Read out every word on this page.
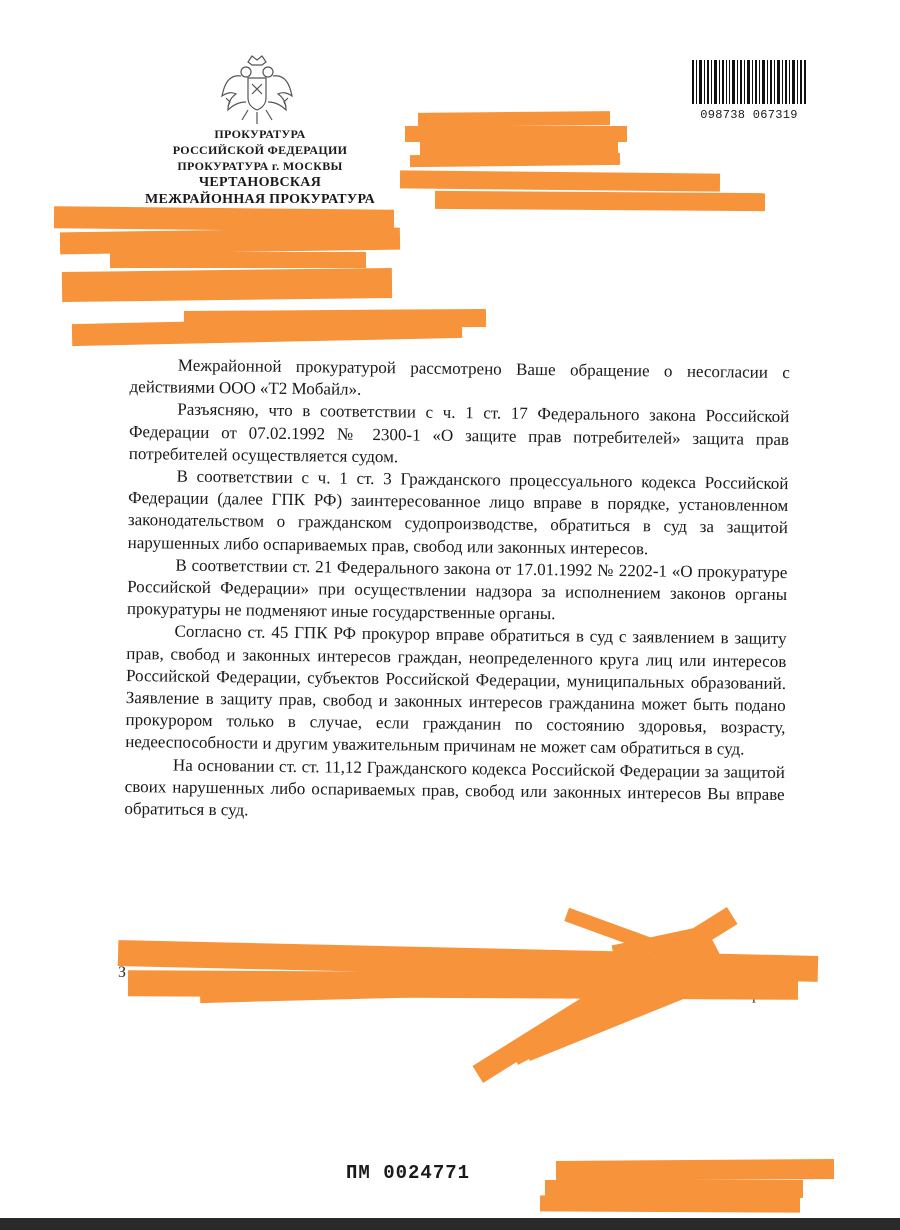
ПРОКУРАТУРА
РОССИЙСКОЙ ФЕДЕРАЦИИ
ПРОКУРАТУРА г. МОСКВЫ
ЧЕРТАНОВСКАЯ
МЕЖРАЙОННАЯ ПРОКУРАТУРА
098738 067319

Межрайонной прокуратурой рассмотрено Ваше обращение о несогласии с действиями ООО «Т2 Мобайл».

Разъясняю, что в соответствии с ч. 1 ст. 17 Федерального закона Российской Федерации от 07.02.1992 № 2300-1 «О защите прав потребителей» защита прав потребителей осуществляется судом.

В соответствии с ч. 1 ст. 3 Гражданского процессуального кодекса Российской Федерации (далее ГПК РФ) заинтересованное лицо вправе в порядке, установленном законодательством о гражданском судопроизводстве, обратиться в суд за защитой нарушенных либо оспариваемых прав, свобод или законных интересов.

В соответствии ст. 21 Федерального закона от 17.01.1992 № 2202-1 «О прокуратуре Российской Федерации» при осуществлении надзора за исполнением законов органы прокуратуры не подменяют иные государственные органы.

Согласно ст. 45 ГПК РФ прокурор вправе обратиться в суд с заявлением в защиту прав, свобод и законных интересов граждан, неопределенного круга лиц или интересов Российской Федерации, субъектов Российской Федерации, муниципальных образований. Заявление в защиту прав, свобод и законных интересов гражданина может быть подано прокурором только в случае, если гражданин по состоянию здоровья, возрасту, недееспособности и другим уважительным причинам не может сам обратиться в суд.

На основании ст. ст. 11,12 Гражданского кодекса Российской Федерации за защитой своих нарушенных либо оспариваемых прав, свобод или законных интересов Вы вправе обратиться в суд.

З
ПМ 0024771
